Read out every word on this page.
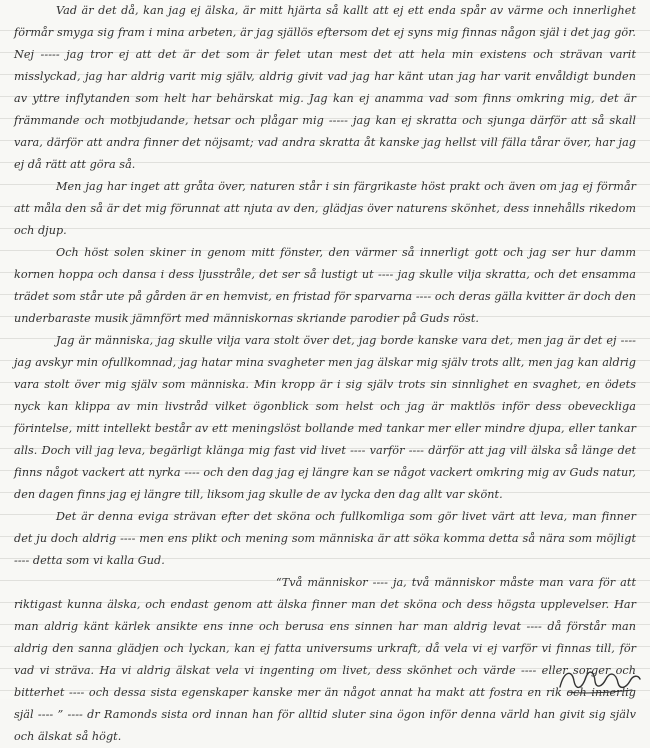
Vad är det då, kan jag ej älska, är mitt hjärta så kallt att ej ett enda spår av värme och innerlighet förmår smyga sig fram i mina arbeten, är jag själlös eftersom det ej syns mig finnas någon själ i det jag gör. Nej ----- jag tror ej att det är det som är felet utan mest det att hela min existens och strävan varit misslyckad, jag har aldrig varit mig själv, aldrig givit vad jag har känt utan jag har varit envåldigt bunden av yttre inflytanden som helt har behärskat mig. Jag kan ej anamma vad som finns omkring mig, det är främmande och motbjudande, hetsar och plågar mig ----- jag kan ej skratta och sjunga därför att så skall vara, därför att andra finner det nöjsamt; vad andra skratta åt kanske jag hellst vill fälla tårar över, har jag ej då rätt att göra så.

Men jag har inget att gråta över, naturen står i sin färgrikaste höst prakt och även om jag ej förmår att måla den så är det mig förunnat att njuta av den, glädjas över naturens skönhet, dess innehålls rikedom och djup.

Och höst solen skiner in genom mitt fönster, den värmer så innerligt gott och jag ser hur damm kornen hoppa och dansa i dess ljusstråle, det ser så lustigt ut ---- jag skulle vilja skratta, och det ensamma trädet som står ute på gården är en hemvist, en fristad för sparvarna ---- och deras gälla kvitter är doch den underbaraste musik jämnfört med människornas skriande parodier på Guds röst.

Jag är människa, jag skulle vilja vara stolt över det, jag borde kanske vara det, men jag är det ej ---- jag avskyr min ofullkomnad, jag hatar mina svagheter men jag älskar mig själv trots allt, men jag kan aldrig vara stolt över mig själv som människa. Min kropp är i sig själv trots sin sinnlighet en svaghet, en ödets nyck kan klippa av min livstråd vilket ögonblick som helst och jag är maktlös inför dess obeveckliga förintelse, mitt intellekt består av ett meningslöst bollande med tankar mer eller mindre djupa, eller tankar alls. Doch vill jag leva, begärligt klänga mig fast vid livet ---- varför ---- därför att jag vill älska så länge det finns något vackert att nyrka ---- och den dag jag ej längre kan se något vackert omkring mig av Guds natur, den dagen finns jag ej längre till, liksom jag skulle de av lycka den dag allt var skönt.

Det är denna eviga strävan efter det sköna och fullkomliga som gör livet värt att leva, man finner det ju doch aldrig ---- men ens plikt och mening som människa är att söka komma detta så nära som möjligt ---- detta som vi kalla Gud.

“Två människor ---- ja, två människor måste man vara för att riktigast kunna älska, och endast genom att älska finner man det sköna och dess högsta upplevelser. Har man aldrig känt kärlek ansikte ens inne och berusa ens sinnen har man aldrig levat ---- då förstår man aldrig den sanna glädjen och lyckan, kan ej fatta universums urkraft, då vela vi ej varför vi finnas till, för vad vi sträva. Ha vi aldrig älskat vela vi ingenting om livet, dess skönhet och värde ---- eller sorger och bitterhet ---- och dessa sista egenskaper kanske mer än något annat ha makt att fostra en rik och innerlig själ ---- ” ---- dr Ramonds sista ord innan han för alltid sluter sina ögon inför denna värld han givit sig själv och älskat så högt.
